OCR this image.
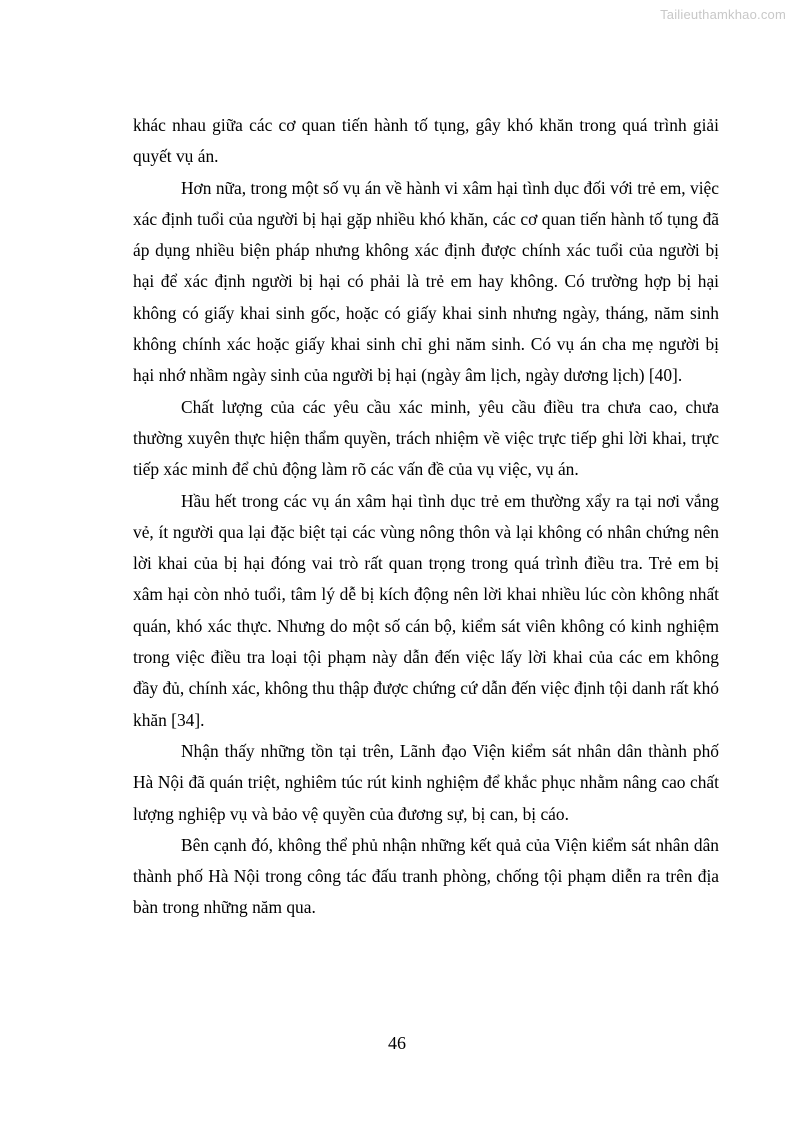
Tailieuthamkhao.com

khác nhau giữa các cơ quan tiến hành tố tụng, gây khó khăn trong quá trình giải quyết vụ án.

Hơn nữa, trong một số vụ án về hành vi xâm hại tình dục đối với trẻ em, việc xác định tuổi của người bị hại gặp nhiều khó khăn, các cơ quan tiến hành tố tụng đã áp dụng nhiều biện pháp nhưng không xác định được chính xác tuổi của người bị hại để xác định người bị hại có phải là trẻ em hay không. Có trường hợp bị hại không có giấy khai sinh gốc, hoặc có giấy khai sinh nhưng ngày, tháng, năm sinh không chính xác hoặc giấy khai sinh chỉ ghi năm sinh. Có vụ án cha mẹ người bị hại nhớ nhầm ngày sinh của người bị hại (ngày âm lịch, ngày dương lịch) [40].

Chất lượng của các yêu cầu xác minh, yêu cầu điều tra chưa cao, chưa thường xuyên thực hiện thẩm quyền, trách nhiệm về việc trực tiếp ghi lời khai, trực tiếp xác minh để chủ động làm rõ các vấn đề của vụ việc, vụ án.

Hầu hết trong các vụ án xâm hại tình dục trẻ em thường xẩy ra tại nơi vắng vẻ, ít người qua lại đặc biệt tại các vùng nông thôn và lại không có nhân chứng nên lời khai của bị hại đóng vai trò rất quan trọng trong quá trình điều tra. Trẻ em bị xâm hại còn nhỏ tuổi, tâm lý dễ bị kích động nên lời khai nhiều lúc còn không nhất quán, khó xác thực. Nhưng do một số cán bộ, kiểm sát viên không có kinh nghiệm trong việc điều tra loại tội phạm này dẫn đến việc lấy lời khai của các em không đầy đủ, chính xác, không thu thập được chứng cứ dẫn đến việc định tội danh rất khó khăn [34].

Nhận thấy những tồn tại trên, Lãnh đạo Viện kiểm sát nhân dân thành phố Hà Nội đã quán triệt, nghiêm túc rút kinh nghiệm để khắc phục nhằm nâng cao chất lượng nghiệp vụ và bảo vệ quyền của đương sự, bị can, bị cáo.

Bên cạnh đó, không thể phủ nhận những kết quả của Viện kiểm sát nhân dân thành phố Hà Nội trong công tác đấu tranh phòng, chống tội phạm diễn ra trên địa bàn trong những năm qua.

46
